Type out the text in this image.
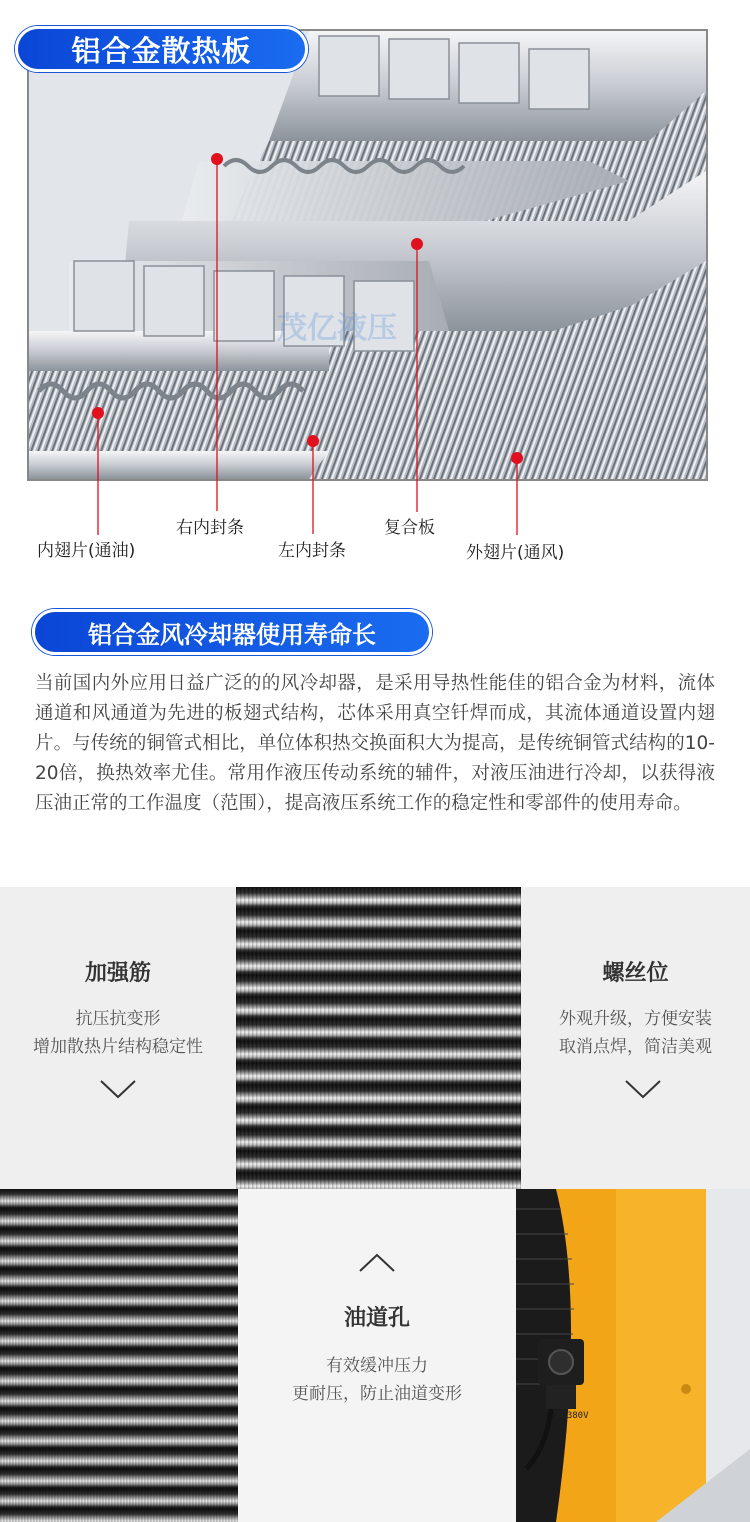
茂亿液压
铝合金散热板
内翅片(通油)
右内封条
左内封条
复合板
外翅片(通风)
铝合金风冷却器使用寿命长
当前国内外应用日益广泛的的风冷却器，是采用导热性能佳的铝合金为材料，流体通道和风通道为先进的板翅式结构，芯体采用真空钎焊而成，其流体通道设置内翅片。与传统的铜管式相比，单位体积热交换面积大为提高，是传统铜管式结构的10-20倍，换热效率尤佳。常用作液压传动系统的辅件，对液压油进行冷却，以获得液压油正常的工作温度（范围），提高液压系统工作的稳定性和零部件的使用寿命。
加强筋
抗压抗变形
增加散热片结构稳定性
螺丝位
外观升级，方便安装
取消点焊，简洁美观
油道孔
有效缓冲压力
更耐压，防止油道变形
AC380V
